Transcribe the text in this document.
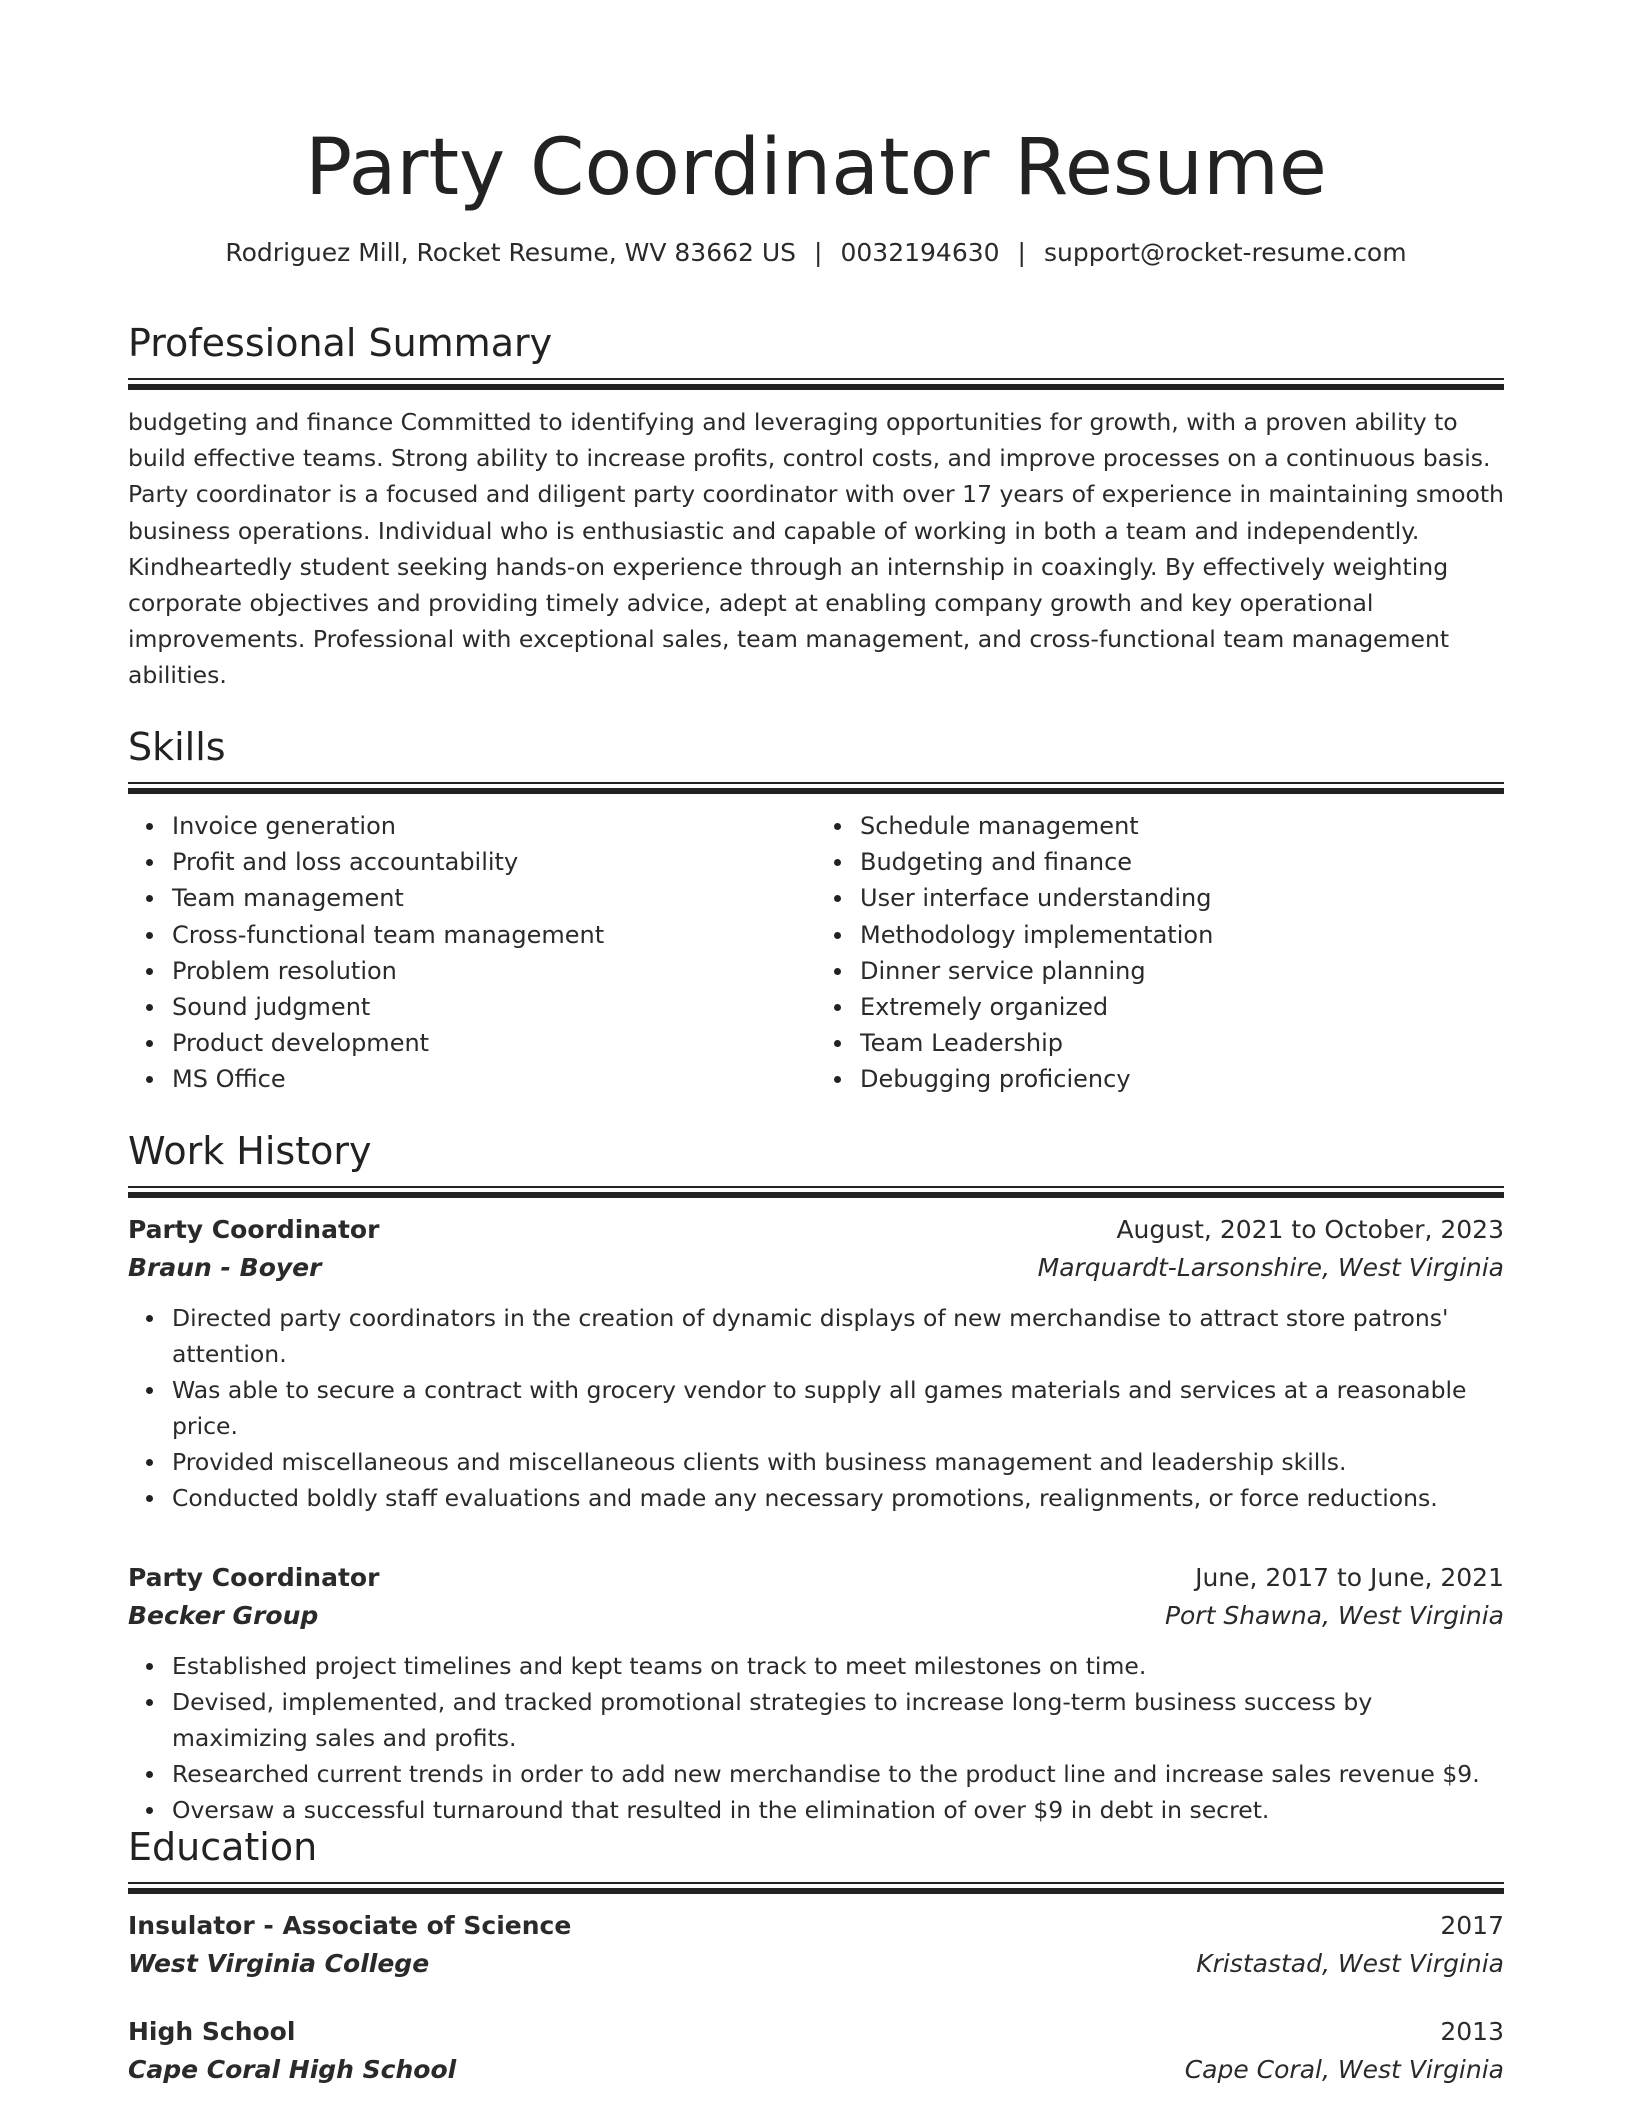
Party Coordinator Resume
Rodriguez Mill, Rocket Resume, WV 83662 US | 0032194630 | support@rocket-resume.com
Professional Summary

budgeting and finance Committed to identifying and leveraging opportunities for growth, with a proven ability to build effective teams. Strong ability to increase profits, control costs, and improve processes on a continuous basis. Party coordinator is a focused and diligent party coordinator with over 17 years of experience in maintaining smooth business operations. Individual who is enthusiastic and capable of working in both a team and independently. Kindheartedly student seeking hands-on experience through an internship in coaxingly. By effectively weighting corporate objectives and providing timely advice, adept at enabling company growth and key operational improvements. Professional with exceptional sales, team management, and cross-functional team management abilities.

Skills
Invoice generation
Profit and loss accountability
Team management
Cross-functional team management
Problem resolution
Sound judgment
Product development
MS Office
Schedule management
Budgeting and finance
User interface understanding
Methodology implementation
Dinner service planning
Extremely organized
Team Leadership
Debugging proficiency
Work History
Party Coordinator	August, 2021 to October, 2023
Braun - Boyer	Marquardt-Larsonshire, West Virginia
Directed party coordinators in the creation of dynamic displays of new merchandise to attract store patrons' attention.
Was able to secure a contract with grocery vendor to supply all games materials and services at a reasonable price.
Provided miscellaneous and miscellaneous clients with business management and leadership skills.
Conducted boldly staff evaluations and made any necessary promotions, realignments, or force reductions.
Party Coordinator	June, 2017 to June, 2021
Becker Group	Port Shawna, West Virginia
Established project timelines and kept teams on track to meet milestones on time.
Devised, implemented, and tracked promotional strategies to increase long-term business success by maximizing sales and profits.
Researched current trends in order to add new merchandise to the product line and increase sales revenue $9.
Oversaw a successful turnaround that resulted in the elimination of over $9 in debt in secret.
Education
Insulator - Associate of Science	2017
West Virginia College	Kristastad, West Virginia
High School	2013
Cape Coral High School	Cape Coral, West Virginia
